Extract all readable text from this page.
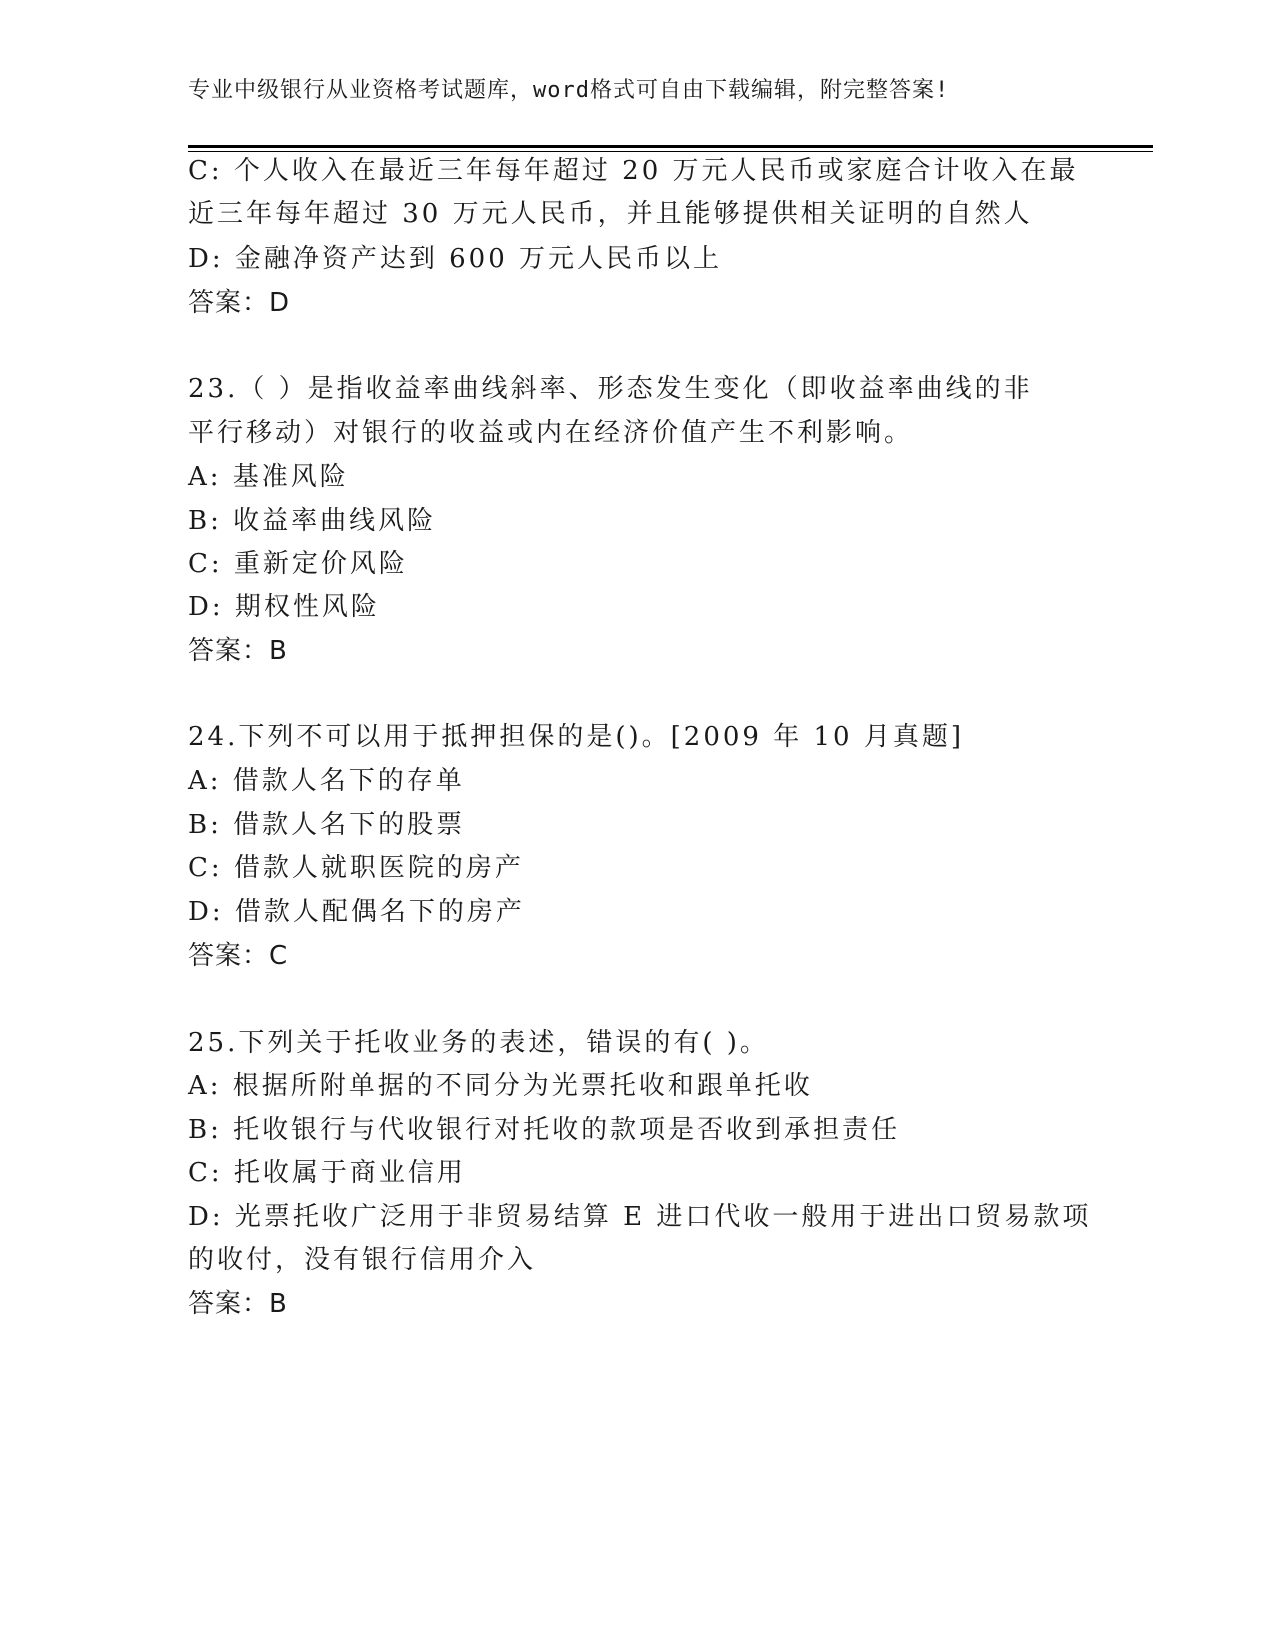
专业中级银行从业资格考试题库，word格式可自由下载编辑，附完整答案!
C: 个人收入在最近三年每年超过 20 万元人民币或家庭合计收入在最
近三年每年超过 30 万元人民币，并且能够提供相关证明的自然人
D: 金融净资产达到 600 万元人民币以上
答案：D
23.（ ）是指收益率曲线斜率、形态发生变化（即收益率曲线的非
平行移动）对银行的收益或内在经济价值产生不利影响。
A: 基准风险
B: 收益率曲线风险
C: 重新定价风险
D: 期权性风险
答案：B
24.下列不可以用于抵押担保的是()。[2009 年 10 月真题]
A: 借款人名下的存单
B: 借款人名下的股票
C: 借款人就职医院的房产
D: 借款人配偶名下的房产
答案：C
25.下列关于托收业务的表述，错误的有( )。
A: 根据所附单据的不同分为光票托收和跟单托收
B: 托收银行与代收银行对托收的款项是否收到承担责任
C: 托收属于商业信用
D: 光票托收广泛用于非贸易结算 E 进口代收一般用于进出口贸易款项
的收付，没有银行信用介入
答案：B
